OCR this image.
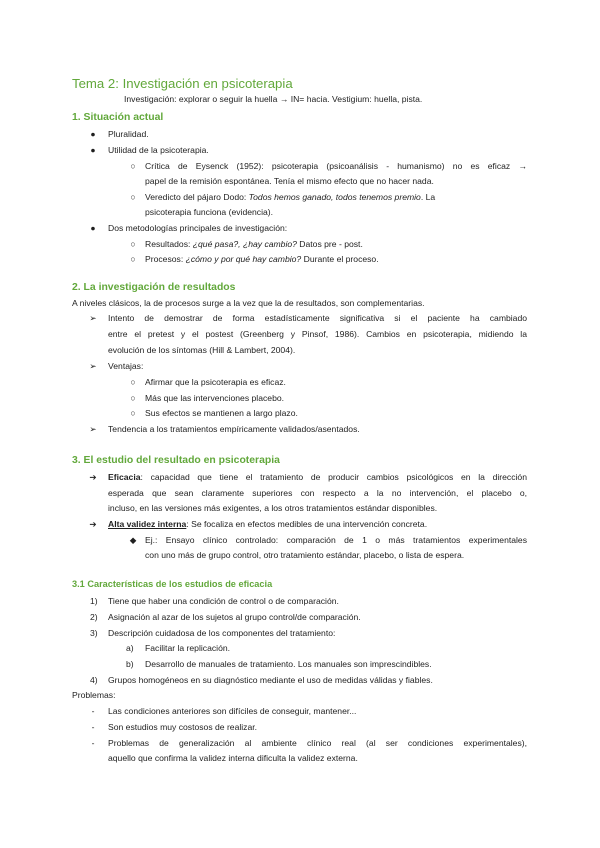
Tema 2: Investigación en psicoterapia
Investigación: explorar o seguir la huella → IN= hacia. Vestigium: huella, pista.
1. Situación actual
●	Pluralidad.
●	Utilidad de la psicoterapia.
○	Crítica de Eysenck (1952): psicoterapia (psicoanálisis - humanismo) no es eficaz →
papel de la remisión espontánea. Tenía el mismo efecto que no hacer nada.
○	Veredicto del pájaro Dodo: Todos hemos ganado, todos tenemos premio. La
psicoterapia funciona (evidencia).
●	Dos metodologías principales de investigación:
○	Resultados: ¿qué pasa?, ¿hay cambio? Datos pre - post.
○	Procesos: ¿cómo y por qué hay cambio? Durante el proceso.
2. La investigación de resultados
A niveles clásicos, la de procesos surge a la vez que la de resultados, son complementarias.
➢	Intento de demostrar de forma estadísticamente significativa si el paciente ha cambiado
entre el pretest y el postest (Greenberg y Pinsof, 1986). Cambios en psicoterapia, midiendo la
evolución de los síntomas (Hill & Lambert, 2004).
➢	Ventajas:
○	Afirmar que la psicoterapia es eficaz.
○	Más que las intervenciones placebo.
○	Sus efectos se mantienen a largo plazo.
➢	Tendencia a los tratamientos empíricamente validados/asentados.
3. El estudio del resultado en psicoterapia
➔	Eficacia: capacidad que tiene el tratamiento de producir cambios psicológicos en la dirección
esperada que sean claramente superiores con respecto a la no intervención, el placebo o,
incluso, en las versiones más exigentes, a los otros tratamientos estándar disponibles.
➔	Alta validez interna: Se focaliza en efectos medibles de una intervención concreta.
◆	Ej.: Ensayo clínico controlado: comparación de 1 o más tratamientos experimentales
con uno más de grupo control, otro tratamiento estándar, placebo, o lista de espera.
3.1 Características de los estudios de eficacia
1) Tiene que haber una condición de control o de comparación.
2) Asignación al azar de los sujetos al grupo control/de comparación.
3) Descripción cuidadosa de los componentes del tratamiento:
a) Facilitar la replicación.
b) Desarrollo de manuales de tratamiento. Los manuales son imprescindibles.
4) Grupos homogéneos en su diagnóstico mediante el uso de medidas válidas y fiables.
Problemas:
-	Las condiciones anteriores son difíciles de conseguir, mantener...
-	Son estudios muy costosos de realizar.
-	Problemas de generalización al ambiente clínico real (al ser condiciones experimentales),
aquello que confirma la validez interna dificulta la validez externa.
